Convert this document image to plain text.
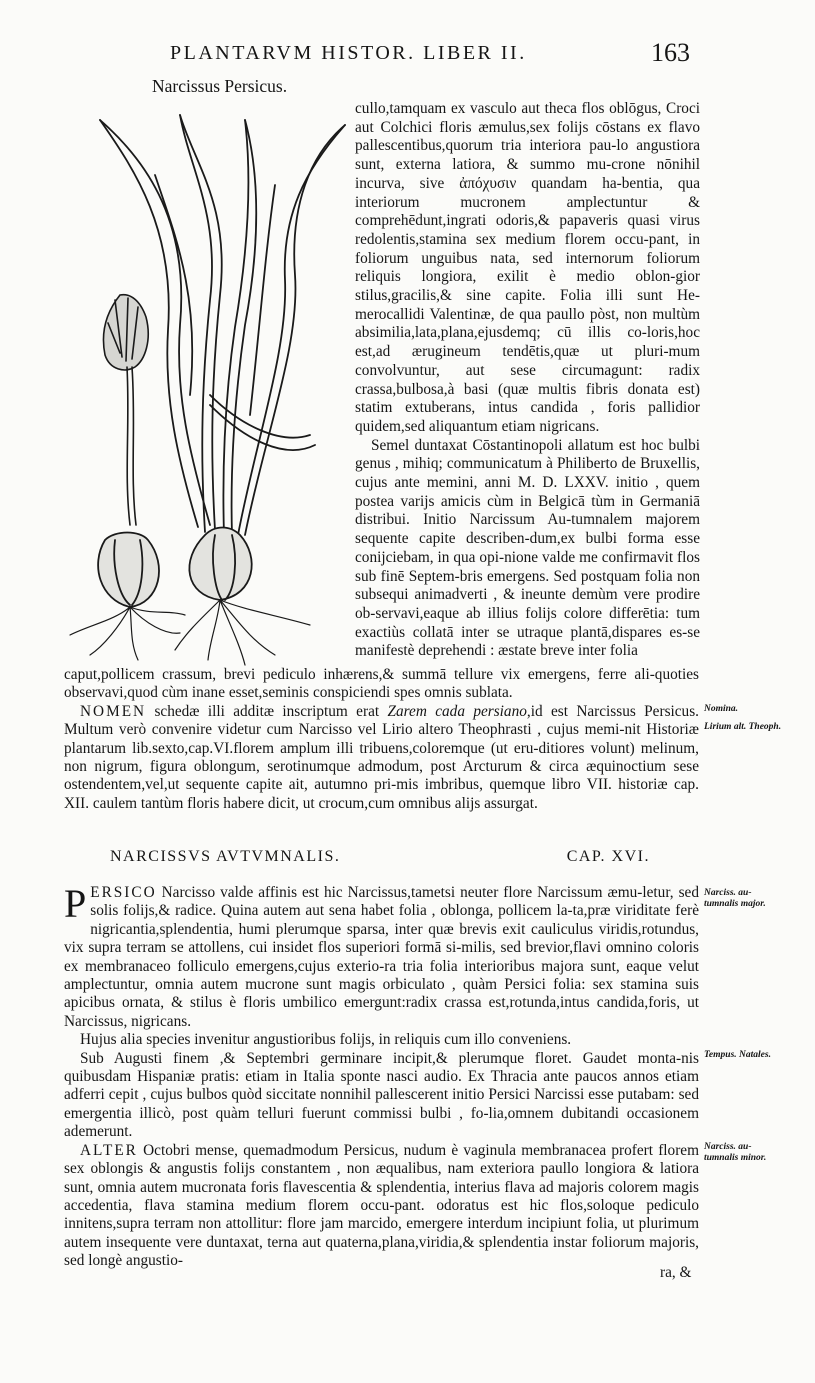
PLANTARVM HISTOR. LIBER II.	163
Narcissus Persicus.

cullo,tamquam ex vasculo aut theca flos oblōgus, Croci aut Colchici floris æmulus,sex folijs cōstans ex flavo pallescentibus,quorum tria interiora pau-lo angustiora sunt, externa latiora, & summo mu-crone nōnihil incurva, sive ἀπόχυσιν quandam ha-bentia, qua interiorum mucronem amplectuntur & comprehēdunt,ingrati odoris,& papaveris quasi virus redolentis,stamina sex medium florem occu-pant, in foliorum unguibus nata, sed internorum foliorum reliquis longiora, exilit è medio oblon-gior stilus,gracilis,& sine capite. Folia illi sunt He-merocallidi Valentinæ, de qua paullo pòst, non multùm absimilia,lata,plana,ejusdemq; cū illis co-loris,hoc est,ad ærugineum tendētis,quæ ut pluri-mum convolvuntur, aut sese circumagunt: radix crassa,bulbosa,à basi (quæ multis fibris donata est) statim extuberans, intus candida , foris pallidior quidem,sed aliquantum etiam nigricans.

Semel duntaxat Cōstantinopoli allatum est hoc bulbi genus , mihiq; communicatum à Philiberto de Bruxellis, cujus ante memini, anni M. D. LXXV. initio , quem postea varijs amicis cùm in Belgicā tùm in Germaniā distribui. Initio Narcissum Au-tumnalem majorem sequente capite describen-dum,ex bulbi forma esse conijciebam, in qua opi-nione valde me confirmavit flos sub finē Septem-bris emergens. Sed postquam folia non subsequi animadverti , & ineunte demùm vere prodire ob-servavi,eaque ab illius folijs colore differētia: tum exactiùs collatā inter se utraque plantā,dispares es-se manifestè deprehendi : æstate breve inter folia

caput,pollicem crassum, brevi pediculo inhærens,& summā tellure vix emergens, ferre ali-quoties observavi,quod cùm inane esset,seminis conspiciendi spes omnis sublata.

NOMEN schedæ illi additæ inscriptum erat Zarem cada persiano,id est Narcissus Persicus. Multum verò convenire videtur cum Narcisso vel Lirio altero Theophrasti , cujus memi-nit Historiæ plantarum lib.sexto,cap.VI.florem amplum illi tribuens,coloremque (ut eru-ditiores volunt) melinum, non nigrum, figura oblongum, serotinumque admodum, post Arcturum & circa æquinoctium sese ostendentem,vel,ut sequente capite ait, autumno pri-mis imbribus, quemque libro VII. historiæ cap. XII. caulem tantùm floris habere dicit, ut crocum,cum omnibus alijs assurgat.

Nomina.
Lirium alt. Theoph.
NARCISSVS AVTVMNALIS.	CAP. XVI.

PERSICO Narcisso valde affinis est hic Narcissus,tametsi neuter flore Narcissum æmu-letur, sed solis folijs,& radice. Quina autem aut sena habet folia , oblonga, pollicem la-ta,præ viriditate ferè nigricantia,splendentia, humi plerumque sparsa, inter quæ brevis exit cauliculus viridis,rotundus, vix supra terram se attollens, cui insidet flos superiori formā si-milis, sed brevior,flavi omnino coloris ex membranaceo folliculo emergens,cujus exterio-ra tria folia interioribus majora sunt, eaque velut amplectuntur, omnia autem mucrone sunt magis orbiculato , quàm Persici folia: sex stamina suis apicibus ornata, & stilus è floris umbilico emergunt:radix crassa est,rotunda,intus candida,foris, ut Narcissus, nigricans.

Hujus alia species invenitur angustioribus folijs, in reliquis cum illo conveniens.

Sub Augusti finem ,& Septembri germinare incipit,& plerumque floret. Gaudet monta-nis quibusdam Hispaniæ pratis: etiam in Italia sponte nasci audio. Ex Thracia ante paucos annos etiam adferri cepit , cujus bulbos quòd siccitate nonnihil pallescerent initio Persici Narcissi esse putabam: sed emergentia illicò, post quàm telluri fuerunt commissi bulbi , fo-lia,omnem dubitandi occasionem ademerunt.

ALTER Octobri mense, quemadmodum Persicus, nudum è vaginula membranacea profert florem sex oblongis & angustis folijs constantem , non æqualibus, nam exteriora paullo longiora & latiora sunt, omnia autem mucronata foris flavescentia & splendentia, interius flava ad majoris colorem magis accedentia, flava stamina medium florem occu-pant. odoratus est hic flos,soloque pediculo innitens,supra terram non attollitur: flore jam marcido, emergere interdum incipiunt folia, ut plurimum autem insequente vere duntaxat, terna aut quaterna,plana,viridia,& splendentia instar foliorum majoris, sed longè angustio-

Narciss. au-tumnalis major.
Tempus. Natales.
Narciss. au-tumnalis minor.
ra, &
